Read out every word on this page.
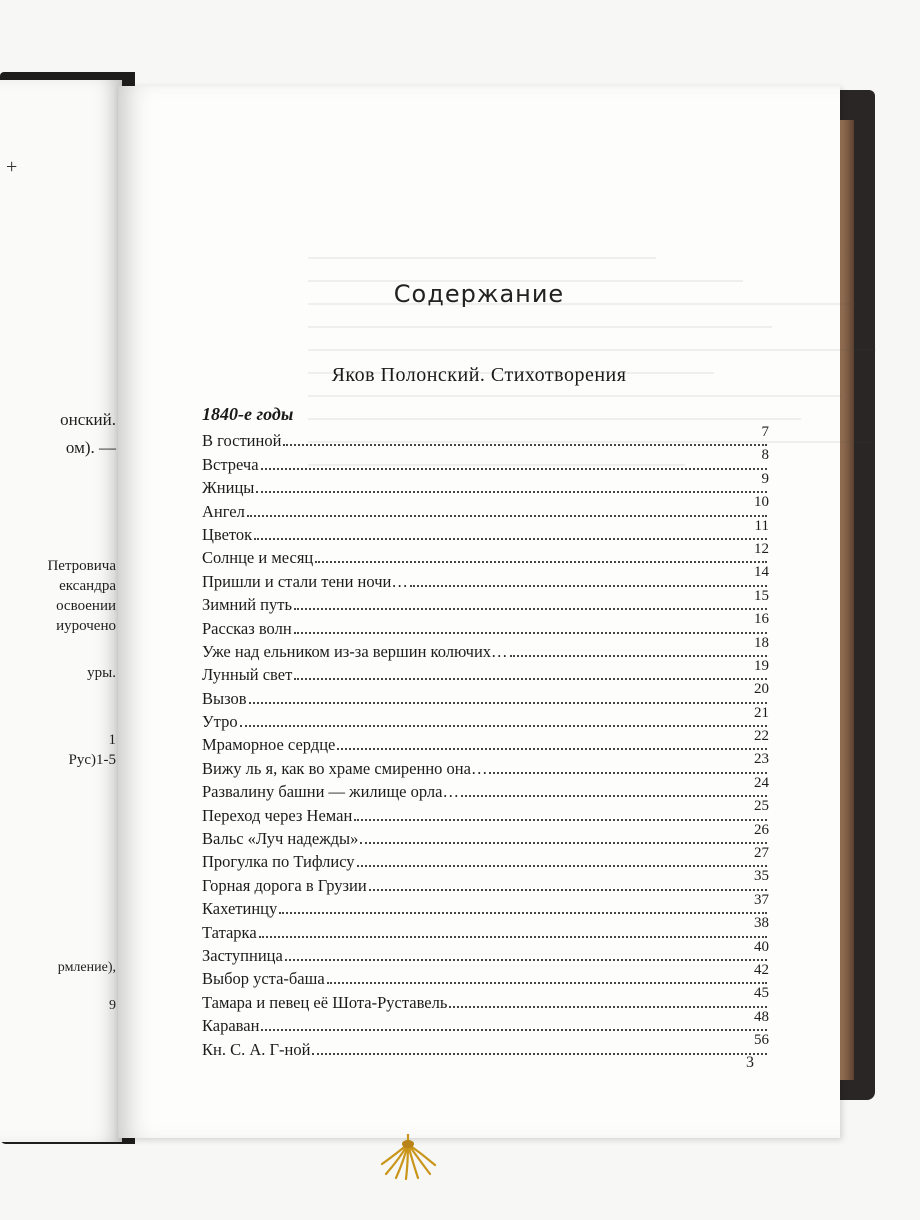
+
онский.
ом). —
Петровича
ександра
освоении
иурочено
уры.
1
Рус)1-5
рмление),
9
Содержание
Яков Полонский. Стихотворения
1840-е годы
В гостиной	7
Встреча	8
Жницы	9
Ангел	10
Цветок	11
Солнце и месяц	12
Пришли и стали тени ночи…	14
Зимний путь	15
Рассказ волн	16
Уже над ельником из-за вершин колючих…	18
Лунный свет	19
Вызов	20
Утро	21
Мраморное сердце	22
Вижу ль я, как во храме смиренно она…	23
Развалину башни — жилище орла…	24
Переход через Неман	25
Вальс «Луч надежды»	26
Прогулка по Тифлису	27
Горная дорога в Грузии	35
Кахетинцу	37
Татарка	38
Заступница	40
Выбор уста-баша	42
Тамара и певец её Шота-Руставель	45
Караван	48
Кн. С. А. Г-ной	56
3
